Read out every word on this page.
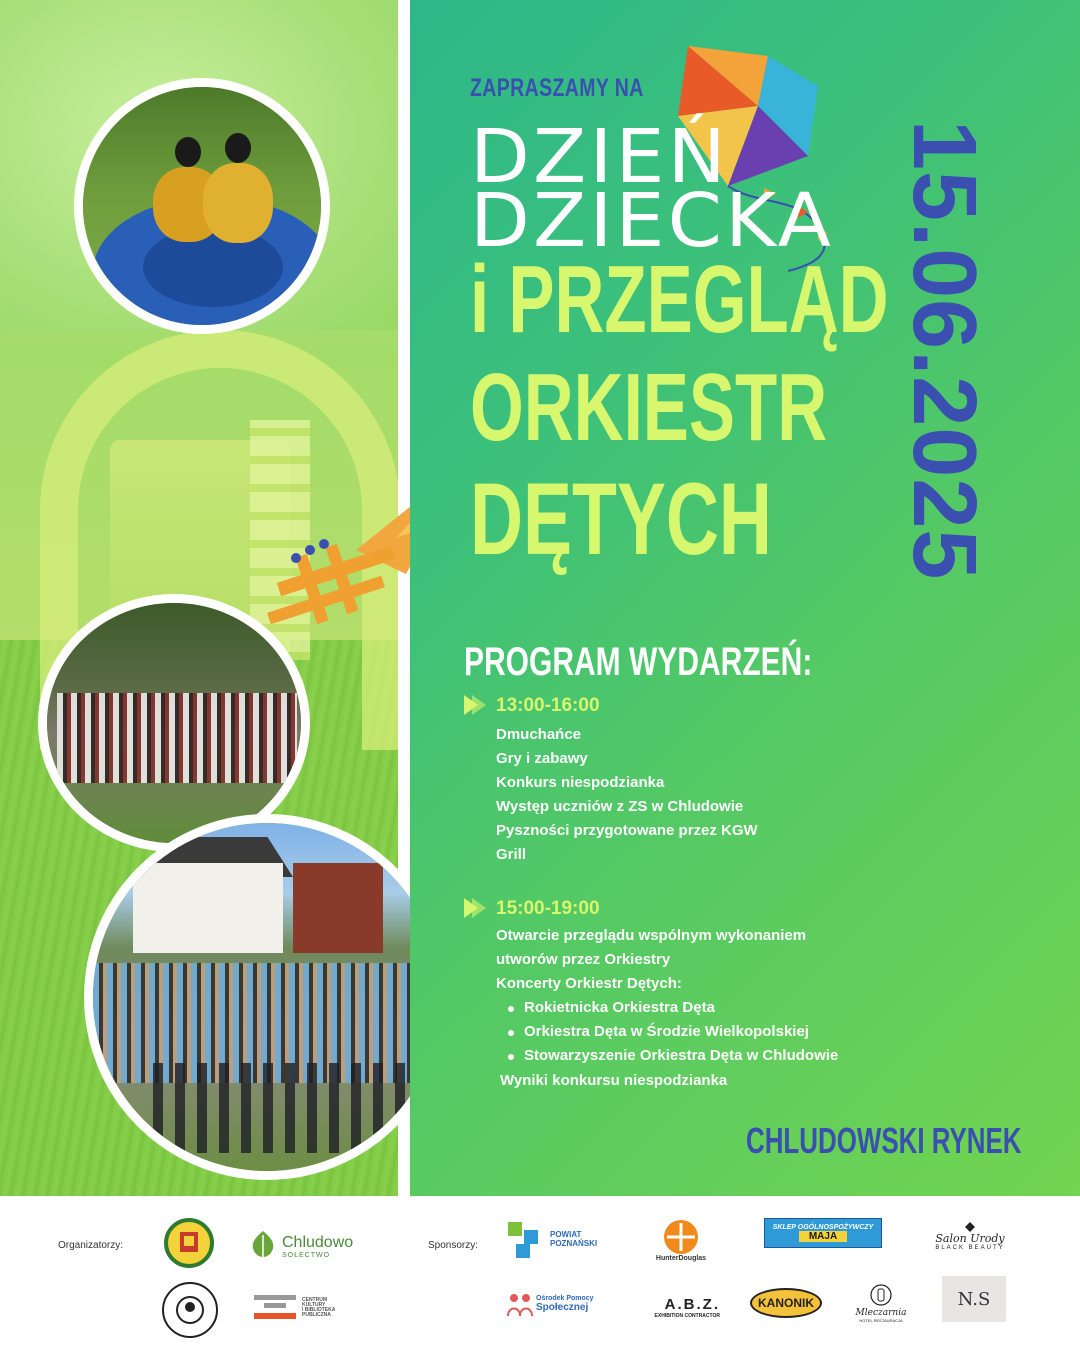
ZAPRASZAMY NA
DZIEŃ
DZIECKA
i PRZEGLĄD
ORKIESTR
DĘTYCH 15.06.2025
PROGRAM WYDARZEŃ:
13:00-16:00
Dmuchańce
Gry i zabawy
Konkurs niespodzianka
Występ uczniów z ZS w Chludowie
Pyszności przygotowane przez KGW
Grill
15:00-19:00
Otwarcie przeglądu wspólnym wykonaniem
utworów przez Orkiestry
Koncerty Orkiestr Dętych:
Rokietnicka Orkiestra Dęta
Orkiestra Dęta w Środzie Wielkopolskiej
Stowarzyszenie Orkiestra Dęta w Chludowie
Wyniki konkursu niespodzianka
CHLUDOWSKI RYNEK
Organizatorzy:	Sponsorzy:
Chludowo
SOŁECTWO
CENTRUM
KULTURY
I BIBLIOTEKA
PUBLICZNA
POWIAT
POZNAŃSKI
HunterDouglas
SKLEP OGÓLNOSPOŻYWCZY
MAJA	Salon Urody
BLACK BEAUTY
Ośrodek Pomocy
Społecznej	A.B.Z.
EXHIBITION CONTRACTOR
KANONIK
Mleczarnia
HOTEL RESTAURACJA
N.S
